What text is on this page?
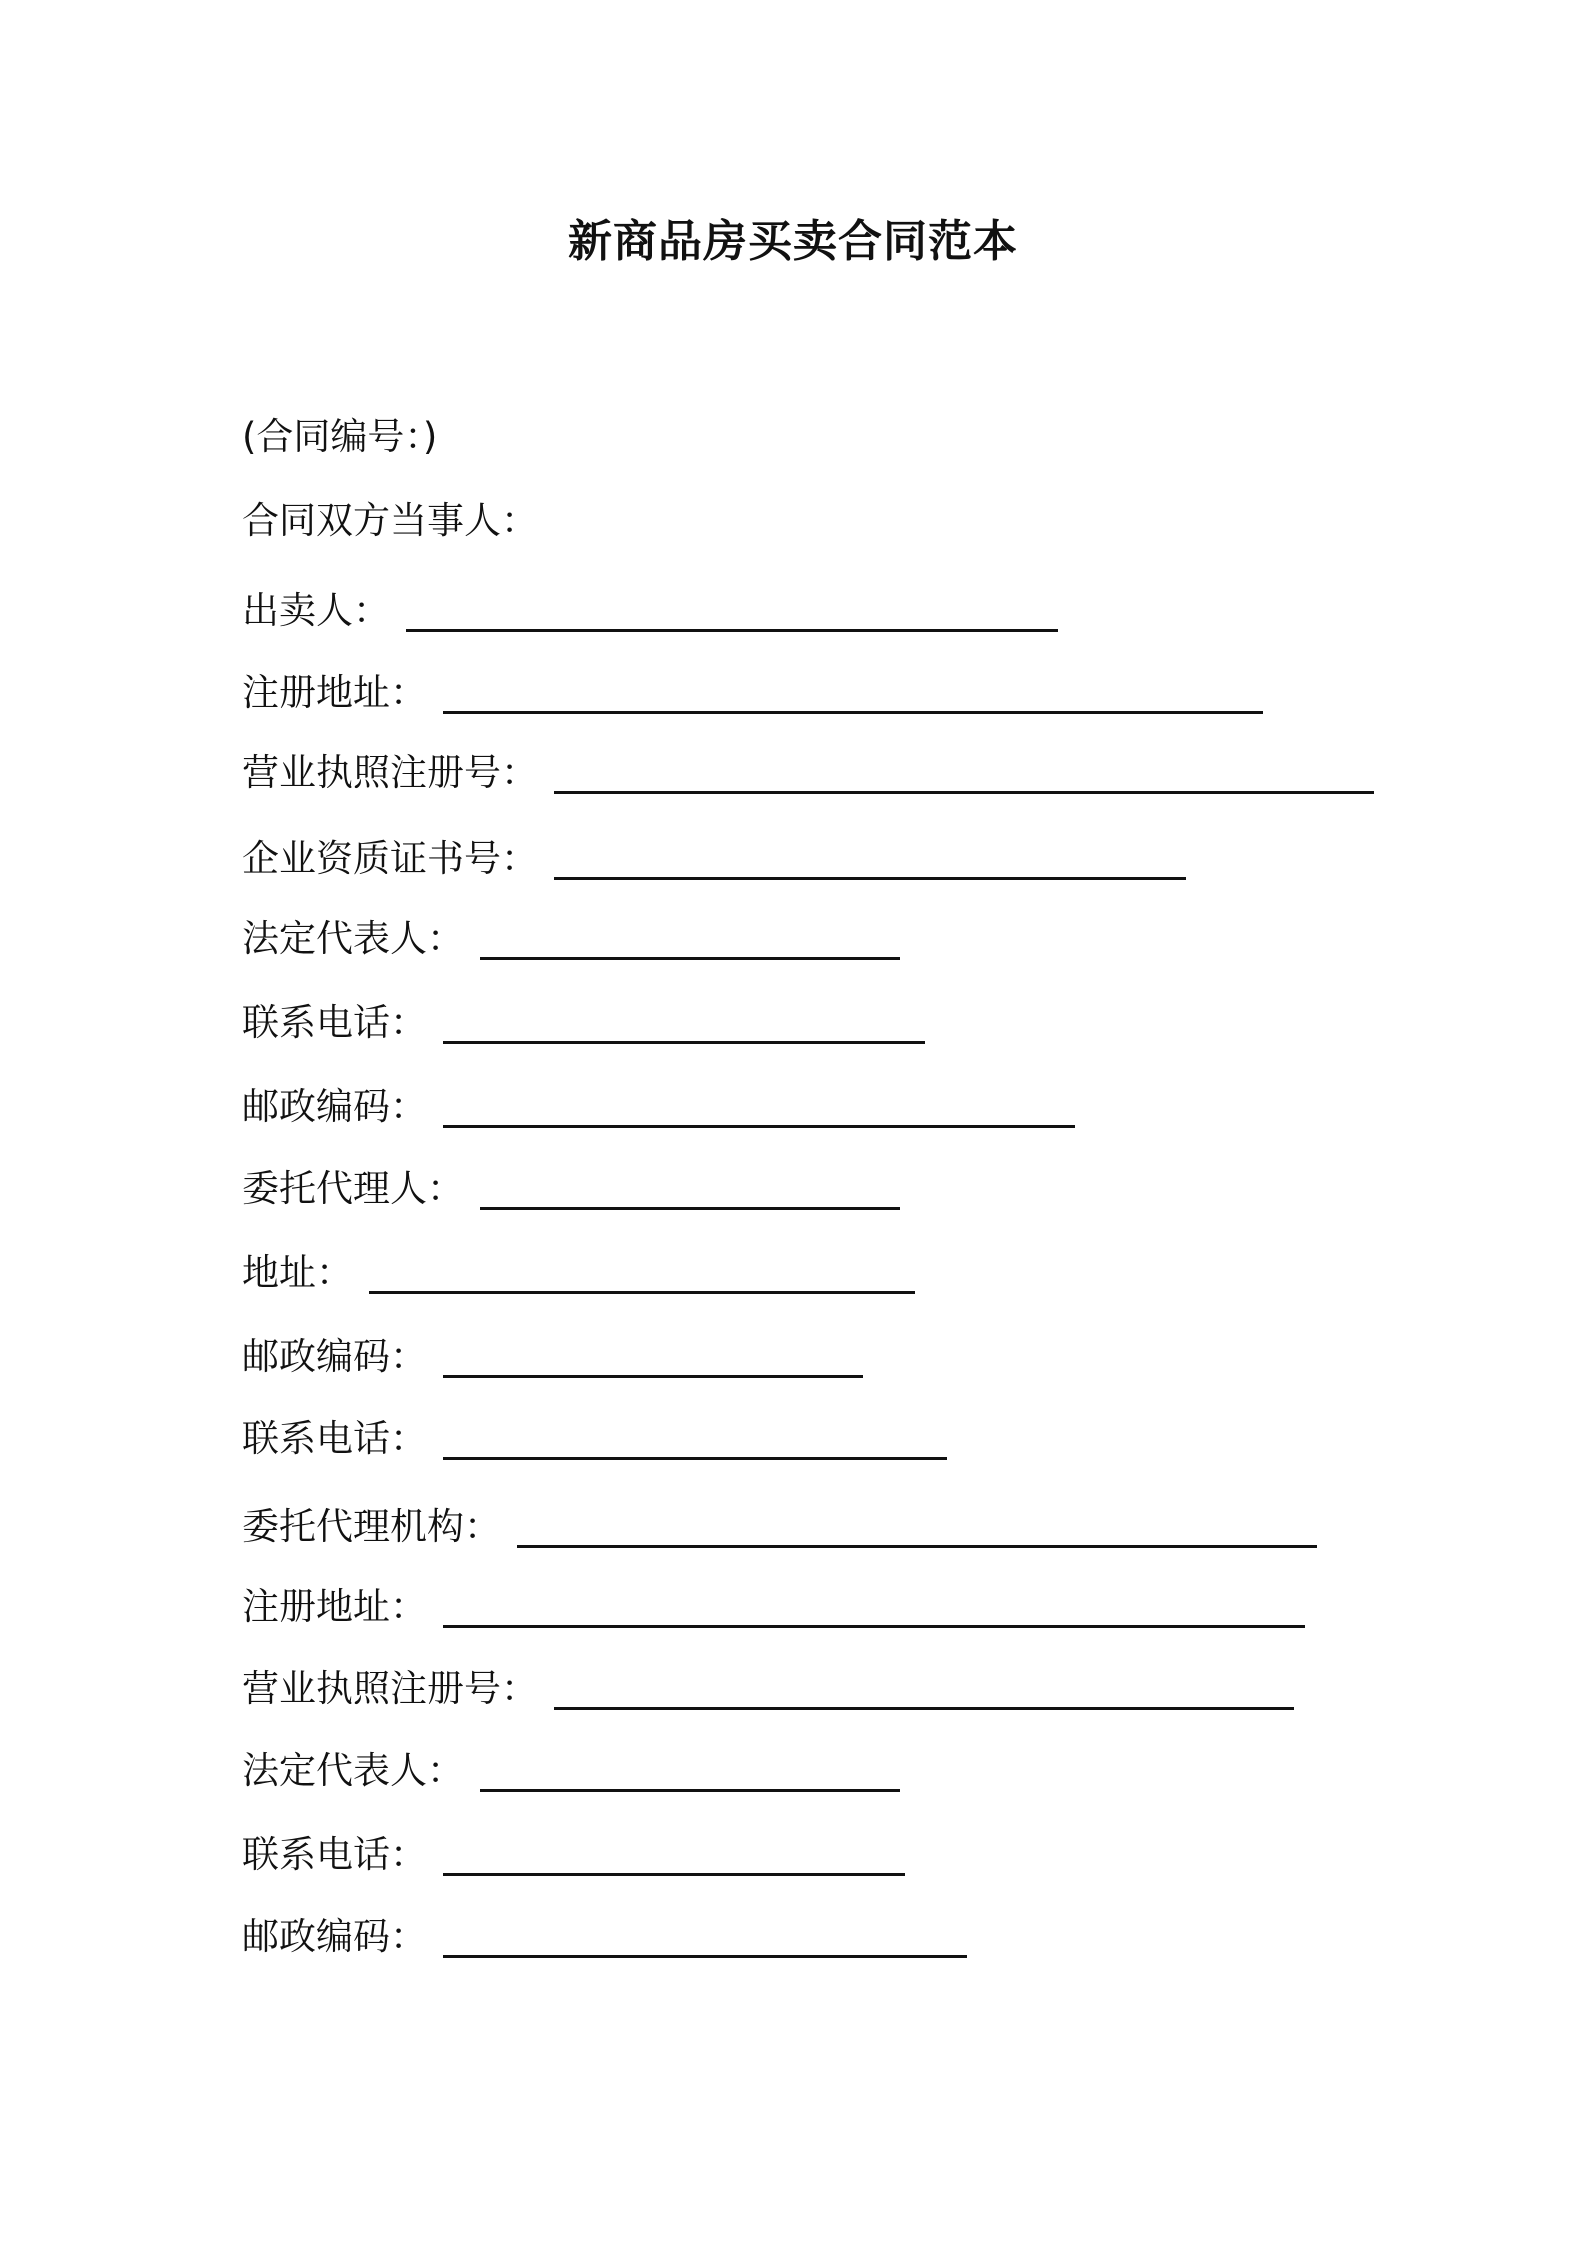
新商品房买卖合同范本
(合同编号：)
合同双方当事人：
出卖人：
注册地址：
营业执照注册号：
企业资质证书号：
法定代表人：
联系电话：
邮政编码：
委托代理人：
地址：
邮政编码：
联系电话：
委托代理机构：
注册地址：
营业执照注册号：
法定代表人：
联系电话：
邮政编码：
